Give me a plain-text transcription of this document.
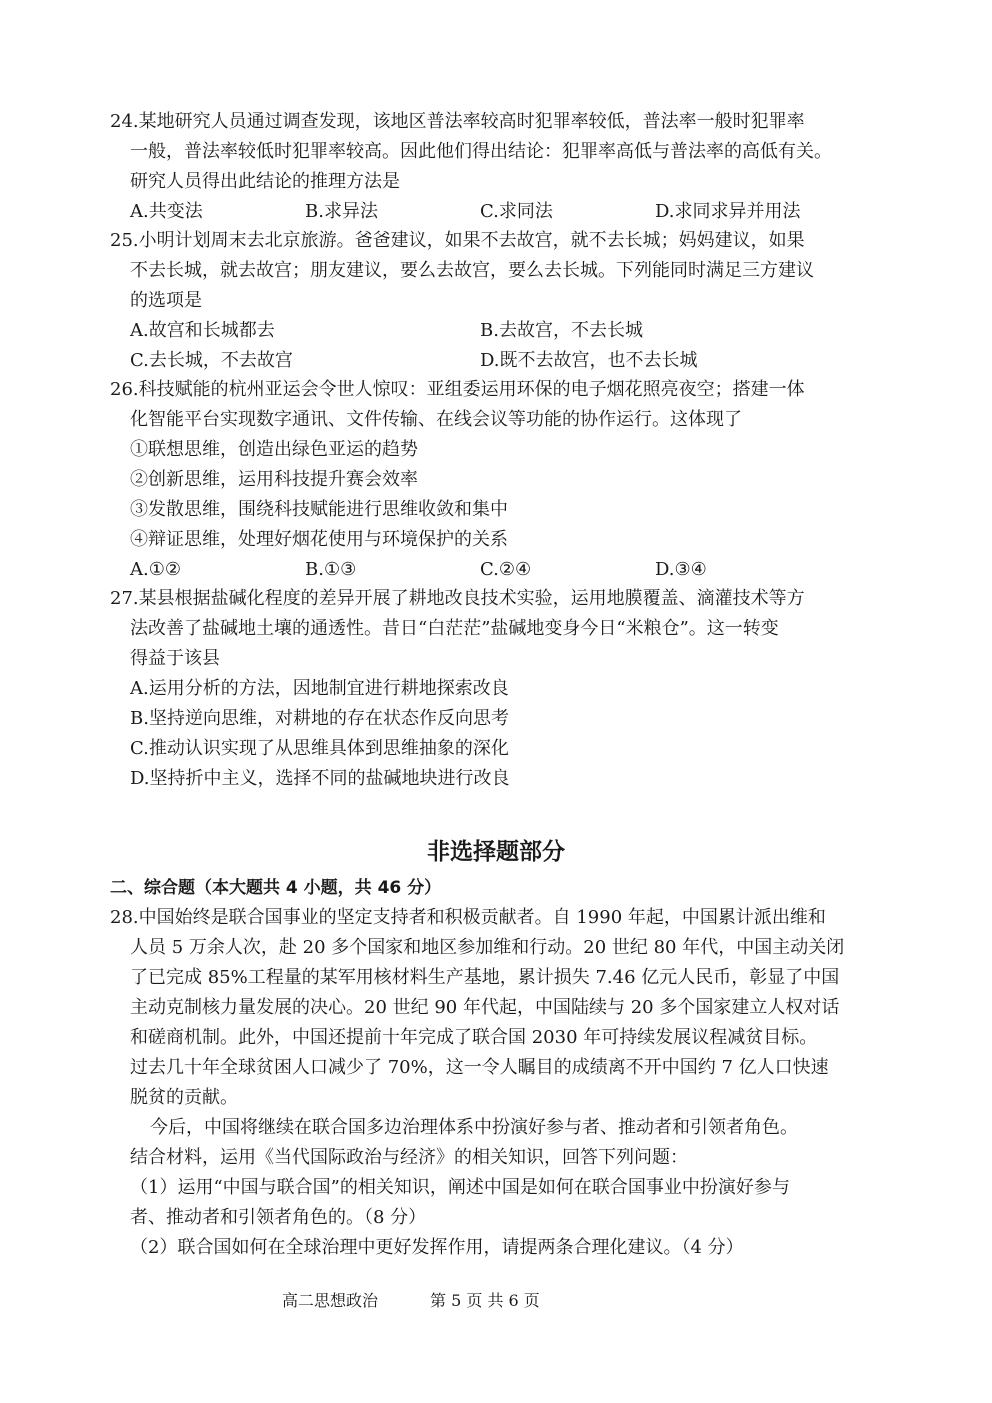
24.某地研究人员通过调查发现，该地区普法率较高时犯罪率较低，普法率一般时犯罪率
一般，普法率较低时犯罪率较高。因此他们得出结论：犯罪率高低与普法率的高低有关。
研究人员得出此结论的推理方法是
A.共变法	B.求异法	C.求同法	D.求同求异并用法
25.小明计划周末去北京旅游。爸爸建议，如果不去故宫，就不去长城；妈妈建议，如果
不去长城，就去故宫；朋友建议，要么去故宫，要么去长城。下列能同时满足三方建议
的选项是
A.故宫和长城都去	B.去故宫，不去长城
C.去长城，不去故宫	D.既不去故宫，也不去长城
26.科技赋能的杭州亚运会令世人惊叹：亚组委运用环保的电子烟花照亮夜空；搭建一体
化智能平台实现数字通讯、文件传输、在线会议等功能的协作运行。这体现了
①联想思维，创造出绿色亚运的趋势
②创新思维，运用科技提升赛会效率
③发散思维，围绕科技赋能进行思维收敛和集中
④辩证思维，处理好烟花使用与环境保护的关系
A.①②	B.①③	C.②④	D.③④
27.某县根据盐碱化程度的差异开展了耕地改良技术实验，运用地膜覆盖、滴灌技术等方
法改善了盐碱地土壤的通透性。昔日“白茫茫”盐碱地变身今日“米粮仓”。这一转变
得益于该县
A.运用分析的方法，因地制宜进行耕地探索改良
B.坚持逆向思维，对耕地的存在状态作反向思考
C.推动认识实现了从思维具体到思维抽象的深化
D.坚持折中主义，选择不同的盐碱地块进行改良
非选择题部分
二、综合题（本大题共 4 小题，共 46 分）
28.中国始终是联合国事业的坚定支持者和积极贡献者。自 1990 年起，中国累计派出维和
人员 5 万余人次，赴 20 多个国家和地区参加维和行动。20 世纪 80 年代，中国主动关闭
了已完成 85%工程量的某军用核材料生产基地，累计损失 7.46 亿元人民币，彰显了中国
主动克制核力量发展的决心。20 世纪 90 年代起，中国陆续与 20 多个国家建立人权对话
和磋商机制。此外，中国还提前十年完成了联合国 2030 年可持续发展议程减贫目标。
过去几十年全球贫困人口减少了 70%，这一令人瞩目的成绩离不开中国约 7 亿人口快速
脱贫的贡献。
今后，中国将继续在联合国多边治理体系中扮演好参与者、推动者和引领者角色。
结合材料，运用《当代国际政治与经济》的相关知识，回答下列问题：
（1）运用“中国与联合国”的相关知识，阐述中国是如何在联合国事业中扮演好参与
者、推动者和引领者角色的。（8 分）
（2）联合国如何在全球治理中更好发挥作用，请提两条合理化建议。（4 分）
高二思想政治	第 5 页 共 6 页
